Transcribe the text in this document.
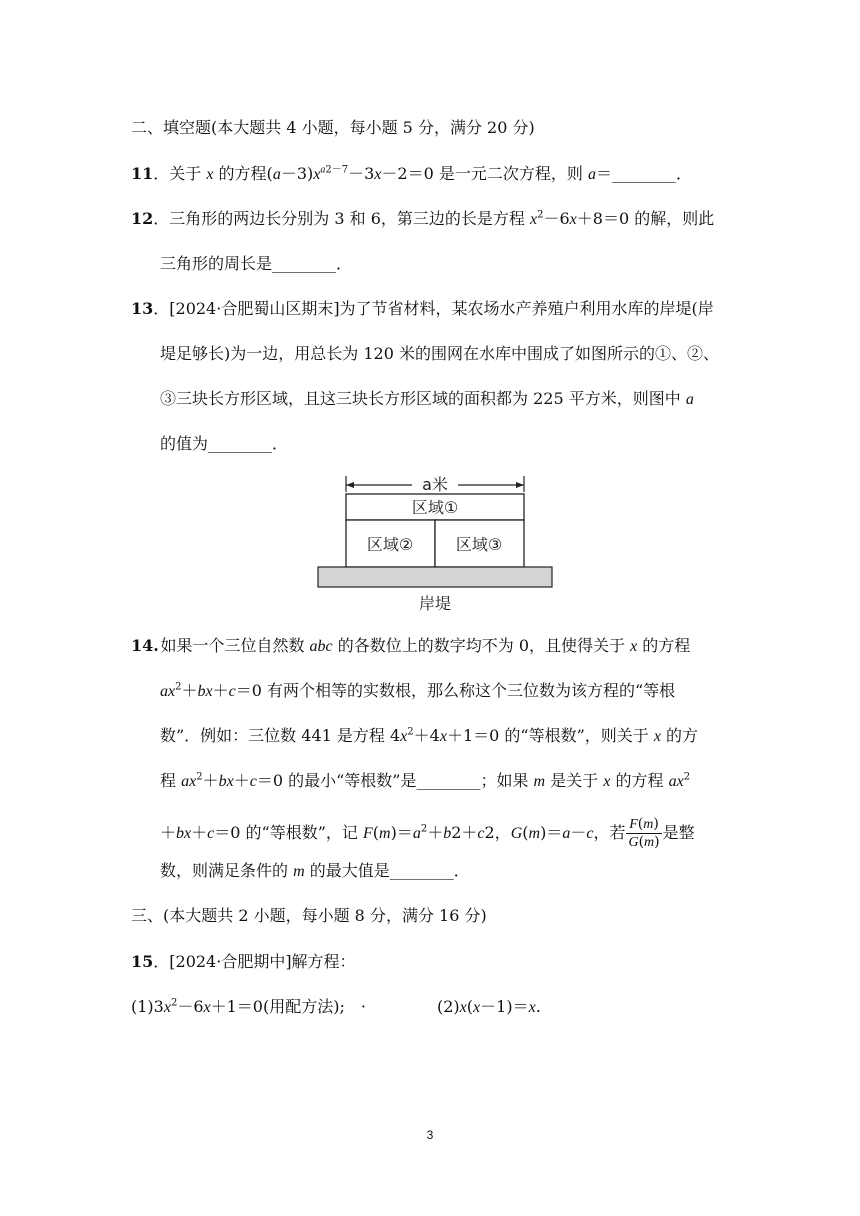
二、填空题(本大题共 4 小题，每小题 5 分，满分 20 分)
11．关于 x 的方程$(a-3)x^{a2-7}-3x-2=0$ 是一元二次方程，则 a＝________．
12．三角形的两边长分别为 3 和 6，第三边的长是方程 $x^2-6x+8=0$ 的解，则此
三角形的周长是________．
13．[2024·合肥蜀山区期末]为了节省材料，某农场水产养殖户利用水库的岸堤(岸
堤足够长)为一边，用总长为 120 米的围网在水库中围成了如图所示的①、②、
③三块长方形区域，且这三块长方形区域的面积都为 225 平方米，则图中 a
的值为________．
a米
区域①
区域②	区域③
岸堤
14. 如果一个三位自然数 abc 的各数位上的数字均不为 0，且使得关于 x 的方程
$ax^2+bx+c=0$ 有两个相等的实数根，那么称这个三位数为该方程的“等根
数”．例如：三位数 441 是方程 $4x^2+4x+1=0$ 的“等根数”，则关于 x 的方
程 $ax^2+bx+c=0$ 的最小“等根数”是________；如果 m 是关于 x 的方程 $ax^2$
＋bx＋c＝0 的“等根数”，记 $F(m)=a^2+b2+c2$，G(m)＝a－c，若 $\frac{F(m)}{G(m)}$ 是整
数，则满足条件的 m 的最大值是________．
三、(本大题共 2 小题，每小题 8 分，满分 16 分)
15．[2024·合肥期中]解方程：
$(1)3x^2-6x+1=0$(用配方法);　·	(2)x(x－1)＝x.
3
